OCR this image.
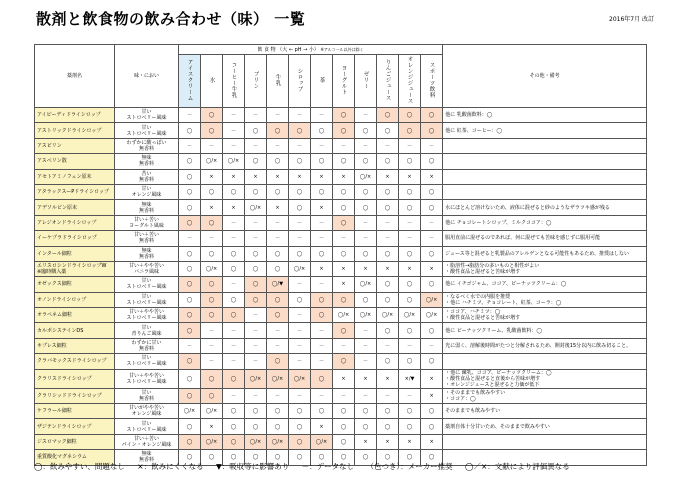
散剤と飲食物の飲み合わせ（味） 一覧	2016年7月 改訂
薬剤名	味・におい	飲 食 物 （大 ← pH → 小） ※アルコール以外は除く												その他・備考
		アイスクリーム	水	コーヒー牛乳	プリン	牛乳	シロップ	茶	ヨーグルト	ゼリー	りんごジュース	オレンジジュース	スポーツ飲料	
アイピーディドライシロップ	甘い
ストロベリー風味	－	◯	－	－	－	－	－	◯	－	◯	◯	◯	他に 乳酸菌飲料：◯
アストリックドライシロップ	甘い
ストロベリー風味	◯	◯	－	◯	◯	◯	◯	◯	◯	◯	◯	◯	他に 紅茶、コーヒー：◯
アスピリン	わずかに酸っぱい
無香料	－	－	－	－	－	－	－	－	－	－	－	－	
アスベリン散	無味
無香料	◯	◯/×	◯/×	◯	◯	◯	◯	◯	◯	◯	◯	◯	
アセトアミノフェン原末	苦い
無香料	◯	×	×	×	×	×	×	×	◯/×	×	×	×	
アタラックスーPドライシロップ	甘い
オレンジ風味	◯	◯	◯	◯	◯	◯	◯	◯	◯	◯	◯	◯	
アデソルビン原末	無味
無香料	◯	×	×	◯/×	×	◯	×	◯	◯	◯	◯	◯	水にほとんど溶けないため、液体に混ぜると砂のようなザラツキ感が残る
アレジオンドライシロップ	甘い＋苦い
ヨーグルト風味	◯	◯	－	－	－	－	－	◯	－	－	－	－	他に チョコレートシロップ、ミルクココア：◯
イーケプラドライシロップ	甘い＋苦い
無香料	－	－	－	－	－	－	－	－	－	－	－	－	服用直前に混ぜるのであれば、何に混ぜても苦味を感じずに服用可能
インタール細粒	無味
無香料	◯	◯	◯	◯	◯	◯	◯	◯	◯	◯	◯	◯	ジュース等と混ぜると乳製品のアレルゲンとなる可能性もあるため、推奨はしない
エリスロシンドライシロップW
※臨時購入薬	甘い＋やや苦い
バニラ風味	◯	◯/×	◯	◯	◯	◯/×	×	×	×	×	×	×	・脂溶性→脂肪分の多いものと相性がよい
・酸性食品と混ぜると苦味が増す
オゼックス細粒	甘い
ストロベリー風味	◯	◯	－	◯	◯/▼	－	－	×	◯/×	◯	◯	◯	他に イチゴジャム、ココア、ピーナッツクリーム：◯
オノンドライシロップ	甘い
ストロベリー風味	◯	◯	◯	◯	◯	◯	◯	◯	◯	◯	◯	◯/×	・なるべく水での内服を推奨
・他に ハチミツ、チョコレート、紅茶、コーラ：◯
オラペネム細粒	甘い＋やや苦い
ストロベリー風味	◯	◯	◯	－	◯	－	◯	◯/×	◯/×	◯/×	◯/×	◯/×	・ココア、ハチミツ：◯
・酸性食品と混ぜると苦味が増す
カルボシステインDS	甘い
青りんご風味	◯	－	－	－	－	－	－	◯	－	◯	◯	◯	他に ピーナッツクリーム、乳酸菌飲料：◯
キプレス細粒	わずかに甘い
無香料	－	－	－	－	－	－	－	－	－	－	－	－	光に弱く、溶解後時間がたつと分解されるため、開封後15分以内に飲み切ること。
クラバモックスドライシロップ	甘い
ストロベリー風味	◯	－	－	－	◯	－	－	◯	－	◯	◯	◯	
クラリスドライシロップ	甘い＋やや苦い
ストロベリー風味	◯	◯	◯	◯/×	◯/×	◯/×	◯	×	×	×	×/▼	×	・他に 練乳、ココア、ピーナッツクリーム：◯
・酸性食品と混ぜると直後から苦味が増す
・オレンジジュースと混ぜると力価が低下
クラリシッドドライシロップ	甘い
無香料	◯	◯	－	－	－	－	－	－	－	－	－	×	・そのままでも飲みやすい
・ココア：◯
ケフラール細粒	甘いがやや苦い
オレンジ風味	◯/×	◯/×	◯	◯	◯	◯	◯	◯	◯	◯	◯	◯	そのままでも飲みやすい
ザジテンドライシロップ	甘い
ストロベリー風味	◯	×	◯	◯	◯	◯	×	◯	◯	◯	◯	◯	薬剤自体十分甘いため、そのままで飲みやすい
ジスロマック細粒	甘い＋苦い
パイン・オレンジ風味	◯	◯/×	◯	◯/×	◯/×	◯	◯/×	◯	×	×	×	×	
重質酸化マグネシウム	無味
無香料	◯	◯	◯	◯	◯	◯	◯	◯	◯	◯	◯	◯	
◯：飲みやすい、問題なし ×：飲みにくくなる ▼：吸収等に影響あり －：データなし （色つき）：メーカー推奨 ◯／×：文献により評価異なる
